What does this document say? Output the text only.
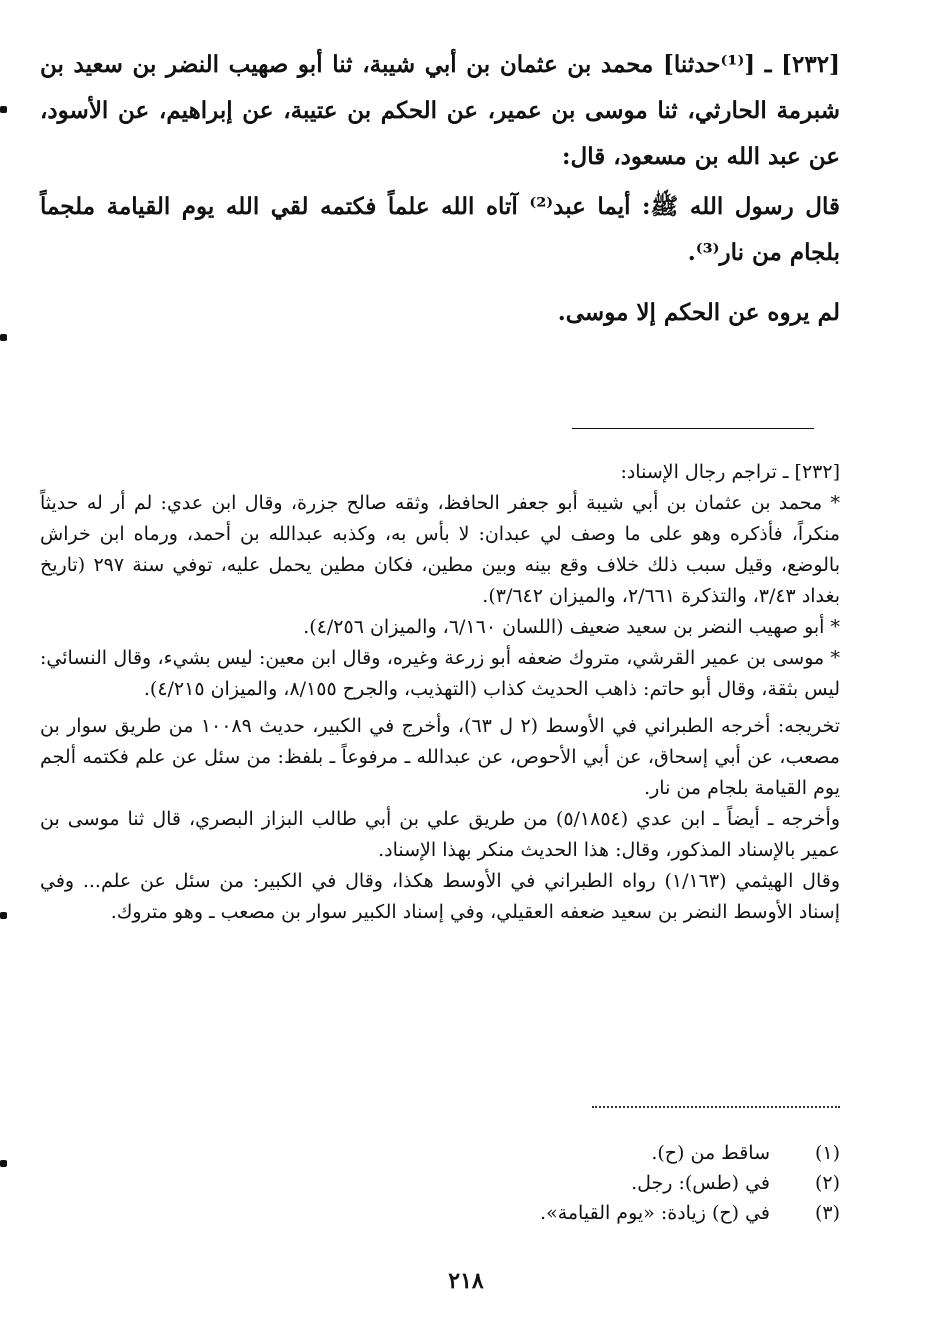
[٢٣٢] ـ [⁽¹⁾حدثنا] محمد بن عثمان بن أبي شيبة، ثنا أبو صهيب النضر بن سعيد بن شبرمة الحارثي، ثنا موسى بن عمير، عن الحكم بن عتيبة، عن إبراهيم، عن الأسود، عن عبد الله بن مسعود، قال:
قال رسول الله ﷺ: أيما عبد⁽²⁾ آتاه الله علماً فكتمه لقي الله يوم القيامة ملجماً بلجام من نار⁽³⁾.
لم يروه عن الحكم إلا موسى.

[٢٣٢] ـ تراجم رجال الإسناد:

* محمد بن عثمان بن أبي شيبة أبو جعفر الحافظ، وثقه صالح جزرة، وقال ابن عدي: لم أر له حديثاً منكراً، فأذكره وهو على ما وصف لي عبدان: لا بأس به، وكذبه عبدالله بن أحمد، ورماه ابن خراش بالوضع، وقيل سبب ذلك خلاف وقع بينه وبين مطين، فكان مطين يحمل عليه، توفي سنة ٢٩٧ (تاريخ بغداد ٣/٤٣، والتذكرة ٢/٦٦١، والميزان ٣/٦٤٢).

* أبو صهيب النضر بن سعيد ضعيف (اللسان ٦/١٦٠، والميزان ٤/٢٥٦).

* موسى بن عمير القرشي، متروك ضعفه أبو زرعة وغيره، وقال ابن معين: ليس بشيء، وقال النسائي: ليس بثقة، وقال أبو حاتم: ذاهب الحديث كذاب (التهذيب، والجرح ٨/١٥٥، والميزان ٤/٢١٥).

تخريجه: أخرجه الطبراني في الأوسط (٢ ل ٦٣)، وأخرج في الكبير، حديث ١٠٠٨٩ من طريق سوار بن مصعب، عن أبي إسحاق، عن أبي الأحوص، عن عبدالله ـ مرفوعاً ـ بلفظ: من سئل عن علم فكتمه ألجم يوم القيامة بلجام من نار.

وأخرجه ـ أيضاً ـ ابن عدي (٥/١٨٥٤) من طريق علي بن أبي طالب البزاز البصري، قال ثنا موسى بن عمير بالإسناد المذكور، وقال: هذا الحديث منكر بهذا الإسناد.

وقال الهيثمي (١/١٦٣) رواه الطبراني في الأوسط هكذا، وقال في الكبير: من سئل عن علم... وفي إسناد الأوسط النضر بن سعيد ضعفه العقيلي، وفي إسناد الكبير سوار بن مصعب ـ وهو متروك.

(١)
ساقط من (ح).
(٢)
في (طس): رجل.
(٣)
في (ح) زيادة: «يوم القيامة».
٢١٨
